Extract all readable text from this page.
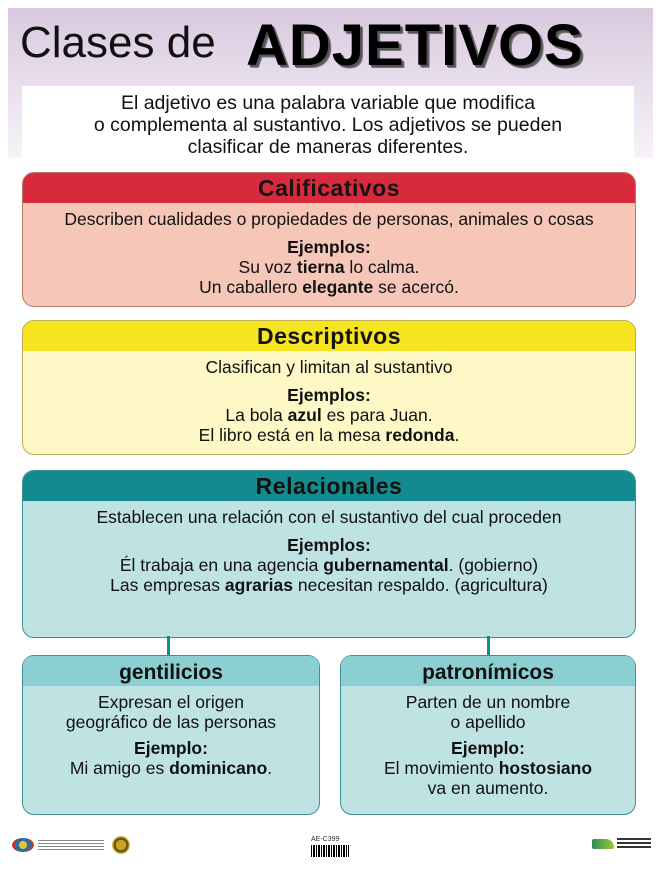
Clases de ADJETIVOS
El adjetivo es una palabra variable que modifica
o complementa al sustantivo. Los adjetivos se pueden
clasificar de maneras diferentes.
Calificativos
Describen cualidades o propiedades de personas, animales o cosas
Ejemplos:
Su voz tierna lo calma.
Un caballero elegante se acercó.
Descriptivos
Clasifican y limitan al sustantivo
Ejemplos:
La bola azul es para Juan.
El libro está en la mesa redonda.
Relacionales
Establecen una relación con el sustantivo del cual proceden
Ejemplos:
Él trabaja en una agencia gubernamental. (gobierno)
Las empresas agrarias necesitan respaldo. (agricultura)
gentilicios
Expresan el origen
geográfico de las personas
Ejemplo:
Mi amigo es dominicano.
patronímicos
Parten de un nombre
o apellido
Ejemplo:
El movimiento hostosiano
va en aumento.
AE-C399
